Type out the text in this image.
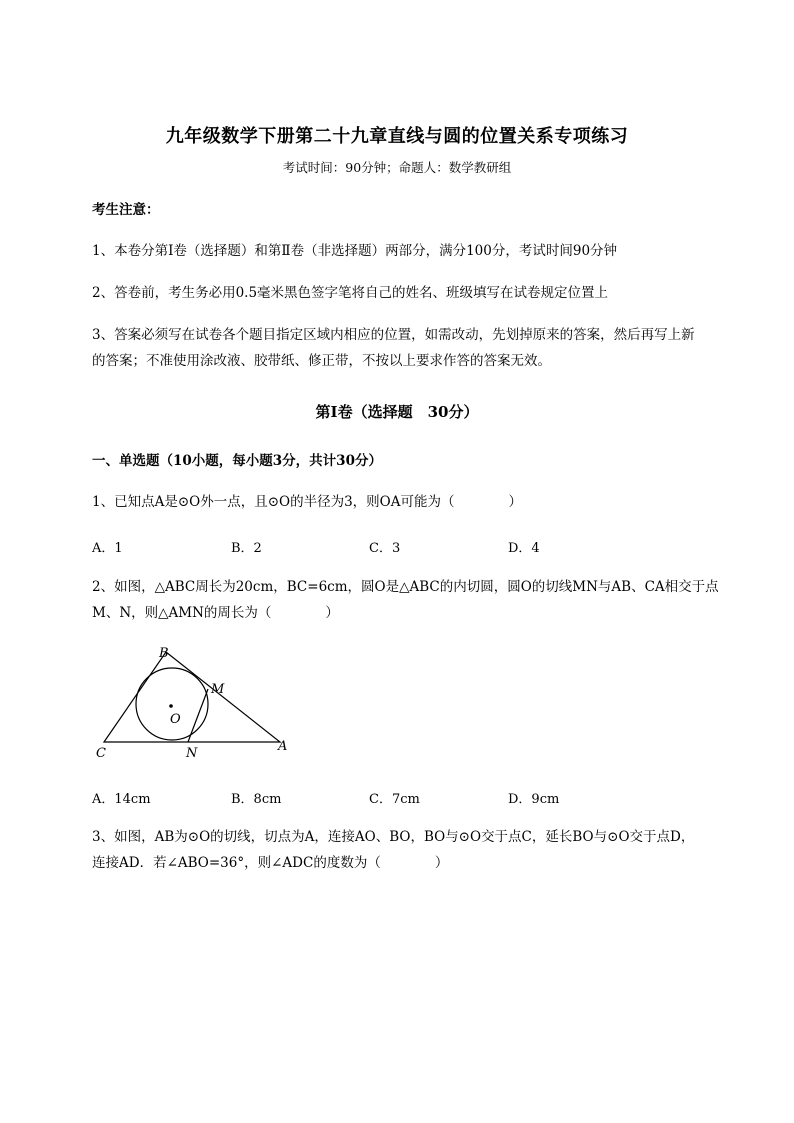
九年级数学下册第二十九章直线与圆的位置关系专项练习
考试时间：90分钟；命题人：数学教研组
考生注意：
1、本卷分第I卷（选择题）和第Ⅱ卷（非选择题）两部分，满分100分，考试时间90分钟
2、答卷前，考生务必用0.5毫米黑色签字笔将自己的姓名、班级填写在试卷规定位置上
3、答案必须写在试卷各个题目指定区域内相应的位置，如需改动，先划掉原来的答案，然后再写上新
的答案；不准使用涂改液、胶带纸、修正带，不按以上要求作答的答案无效。
第I卷（选择题　30分）
一、单选题（10小题，每小题3分，共计30分）
1、已知点A是⊙O外一点，且⊙O的半径为3，则OA可能为（　　　　）
A．1	B．2	C．3	D．4
2、如图，△ABC周长为20cm，BC=6cm，圆O是△ABC的内切圆，圆O的切线MN与AB、CA相交于点
M、N，则△AMN的周长为（　　　　）
B
M
O
C	N	A
A．14cm	B．8cm	C．7cm	D．9cm
3、如图，AB为⊙O的切线，切点为A，连接AO、BO，BO与⊙O交于点C，延长BO与⊙O交于点D，
连接AD．若∠ABO=36°，则∠ADC的度数为（　　　　）
